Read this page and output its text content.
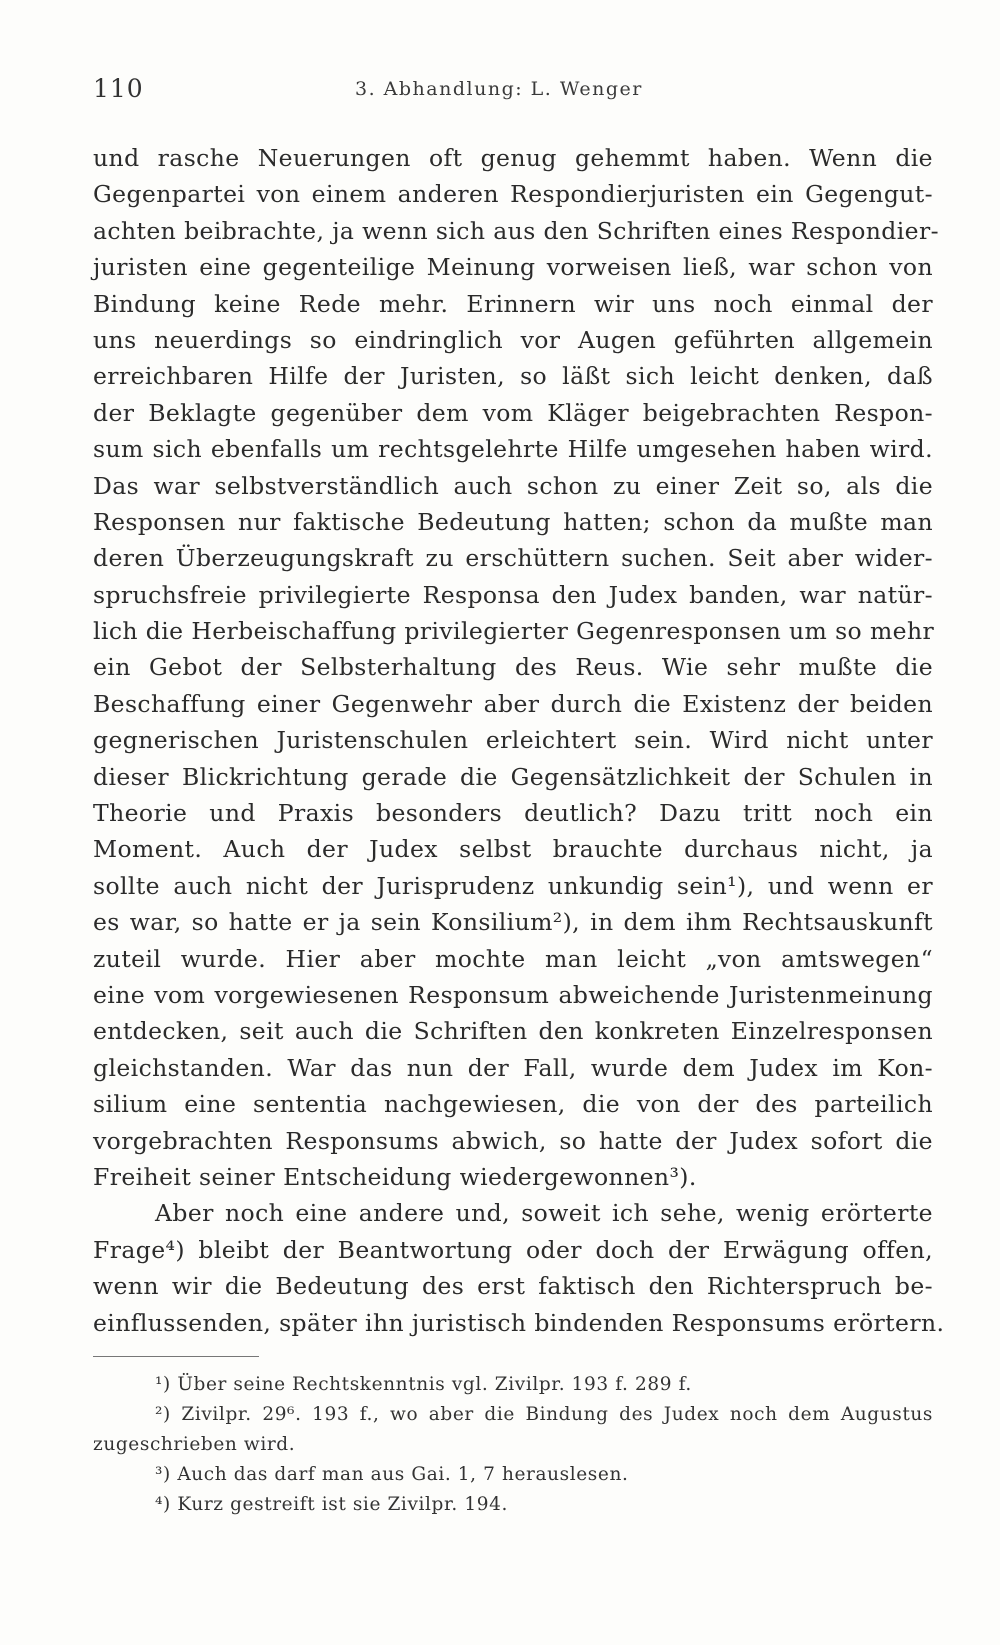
110	3. Abhandlung: L. Wenger
und rasche Neuerungen oft genug gehemmt haben. Wenn die
Gegenpartei von einem anderen Respondierjuristen ein Gegengut-
achten beibrachte, ja wenn sich aus den Schriften eines Respondier-
juristen eine gegenteilige Meinung vorweisen ließ, war schon von
Bindung keine Rede mehr. Erinnern wir uns noch einmal der
uns neuerdings so eindringlich vor Augen geführten allgemein
erreichbaren Hilfe der Juristen, so läßt sich leicht denken, daß
der Beklagte gegenüber dem vom Kläger beigebrachten Respon-
sum sich ebenfalls um rechtsgelehrte Hilfe umgesehen haben wird.
Das war selbstverständlich auch schon zu einer Zeit so, als die
Responsen nur faktische Bedeutung hatten; schon da mußte man
deren Überzeugungskraft zu erschüttern suchen. Seit aber wider-
spruchsfreie privilegierte Responsa den Judex banden, war natür-
lich die Herbeischaffung privilegierter Gegenresponsen um so mehr
ein Gebot der Selbsterhaltung des Reus. Wie sehr mußte die
Beschaffung einer Gegenwehr aber durch die Existenz der beiden
gegnerischen Juristenschulen erleichtert sein. Wird nicht unter
dieser Blickrichtung gerade die Gegensätzlichkeit der Schulen in
Theorie und Praxis besonders deutlich? Dazu tritt noch ein
Moment. Auch der Judex selbst brauchte durchaus nicht, ja
sollte auch nicht der Jurisprudenz unkundig sein¹), und wenn er
es war, so hatte er ja sein Konsilium²), in dem ihm Rechtsauskunft
zuteil wurde. Hier aber mochte man leicht „von amtswegen“
eine vom vorgewiesenen Responsum abweichende Juristenmeinung
entdecken, seit auch die Schriften den konkreten Einzelresponsen
gleichstanden. War das nun der Fall, wurde dem Judex im Kon-
silium eine sententia nachgewiesen, die von der des parteilich
vorgebrachten Responsums abwich, so hatte der Judex sofort die
Freiheit seiner Entscheidung wiedergewonnen³).
Aber noch eine andere und, soweit ich sehe, wenig erörterte
Frage⁴) bleibt der Beantwortung oder doch der Erwägung offen,
wenn wir die Bedeutung des erst faktisch den Richterspruch be-
einflussenden, später ihn juristisch bindenden Responsums erörtern.
¹) Über seine Rechtskenntnis vgl. Zivilpr. 193 f. 289 f.
²) Zivilpr. 29⁶. 193 f., wo aber die Bindung des Judex noch dem Augustus
zugeschrieben wird.
³) Auch das darf man aus Gai. 1, 7 herauslesen.
⁴) Kurz gestreift ist sie Zivilpr. 194.
